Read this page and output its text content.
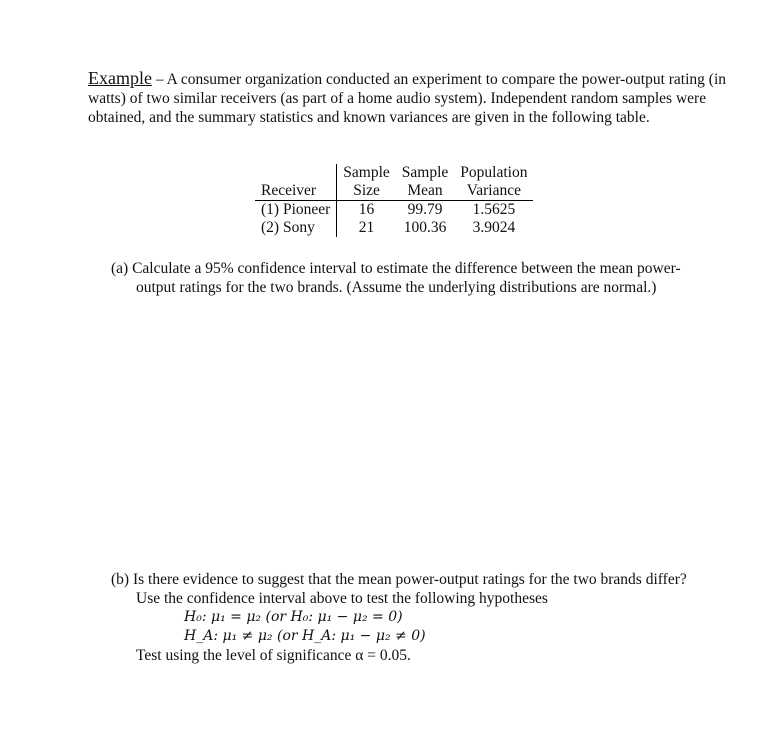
Example – A consumer organization conducted an experiment to compare the power-output rating (in watts) of two similar receivers (as part of a home audio system). Independent random samples were obtained, and the summary statistics and known variances are given in the following table.

	Sample	Sample	Population
Receiver	Size	Mean	Variance
(1) Pioneer	16	99.79	1.5625
(2) Sony	21	100.36	3.9024

(a) Calculate a 95% confidence interval to estimate the difference between the mean power-
output ratings for the two brands. (Assume the underlying distributions are normal.)

(b) Is there evidence to suggest that the mean power-output ratings for the two brands differ?
Use the confidence interval above to test the following hypotheses
H₀: μ₁ = μ₂ (or H₀: μ₁ − μ₂ = 0)
H_A: μ₁ ≠ μ₂ (or H_A: μ₁ − μ₂ ≠ 0)
Test using the level of significance α = 0.05.
